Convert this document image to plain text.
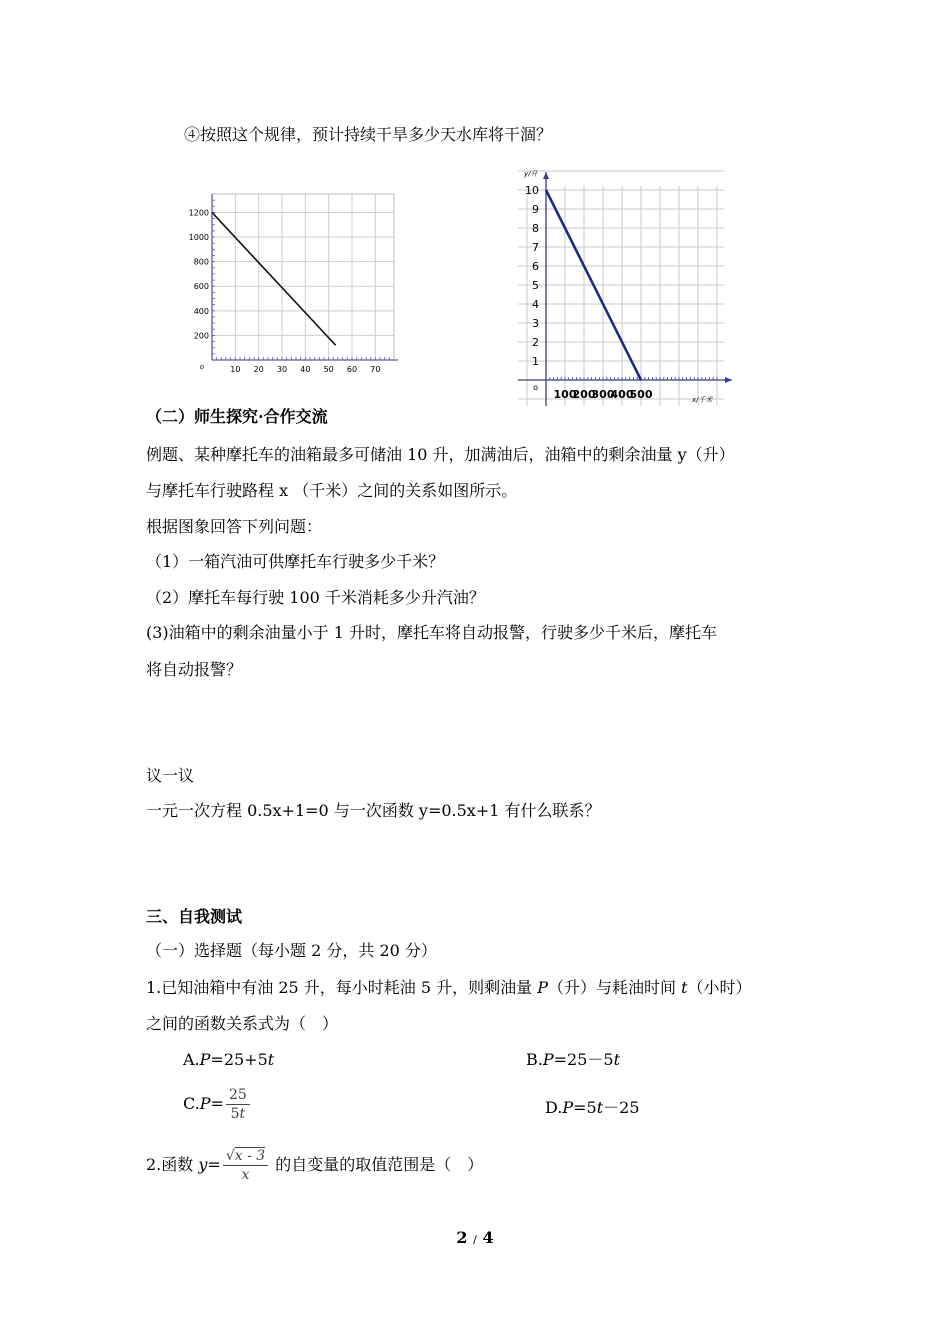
④按照这个规律，预计持续干旱多少天水库将干涸？
10 20 30 40 50 60 70
200
400
600
800
1000
1200
o	1
2
3
4
5
6
7
8
9
10
100
200
300
400
500
o
y/升
x/千米
（二）师生探究·合作交流
例题、某种摩托车的油箱最多可储油 10 升，加满油后，油箱中的剩余油量 y（升）
与摩托车行驶路程 x （千米）之间的关系如图所示。
根据图象回答下列问题：
（1）一箱汽油可供摩托车行驶多少千米？
（2）摩托车每行驶 100 千米消耗多少升汽油？
(3)油箱中的剩余油量小于 1 升时，摩托车将自动报警，行驶多少千米后，摩托车
将自动报警？
议一议
一元一次方程 0.5x+1=0 与一次函数 y=0.5x+1 有什么联系？
三、自我测试
（一）选择题（每小题 2 分，共 20 分）
1.已知油箱中有油 25 升，每小时耗油 5 升，则剩油量 P（升）与耗油时间 t（小时）
之间的函数关系式为（　）
A.P=25+5t	B.P=25－5t
$C.P= \frac{25}{5t}$	D.P=5t－25
2.函数 $y= \frac{√x - 3}{x}$ 的自变量的取值范围是（　）
2 / 4
